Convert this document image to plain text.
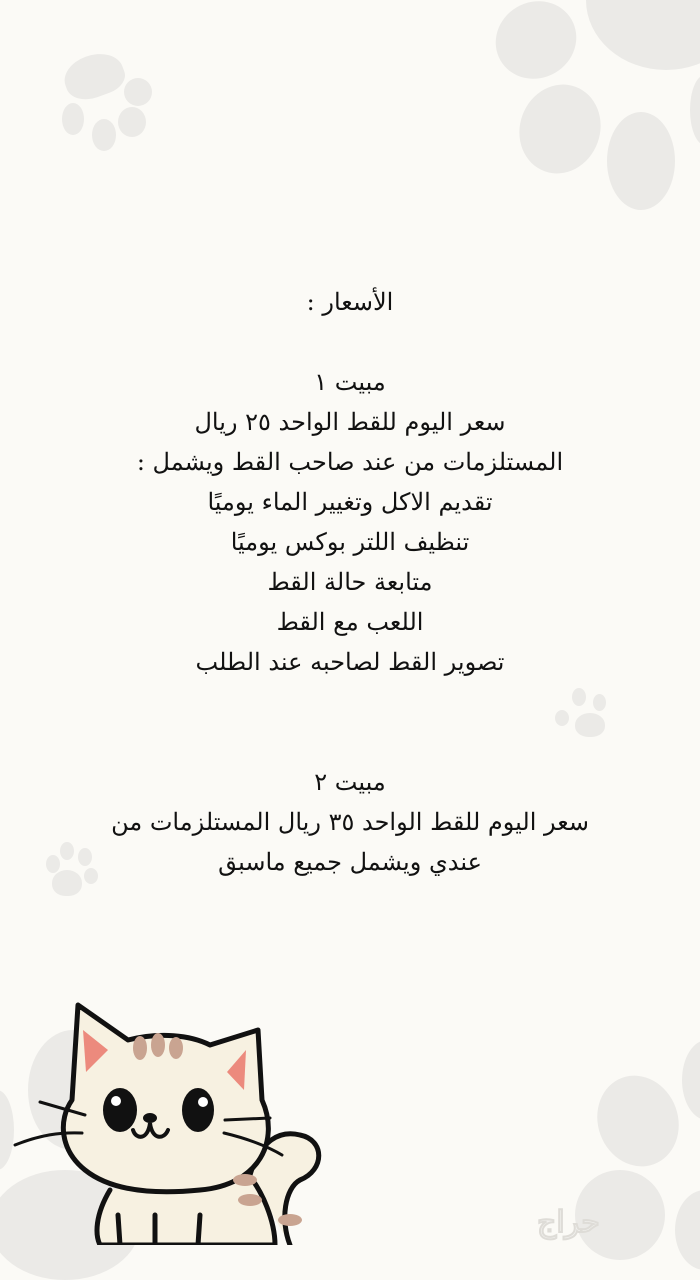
الأسعار :
مبيت ١
سعر اليوم للقط الواحد ٢٥ ريال
المستلزمات من عند صاحب القط ويشمل :
تقديم الاكل وتغيير الماء يوميًا
تنظيف اللتر بوكس يوميًا
متابعة حالة القط
اللعب مع القط
تصوير القط لصاحبه عند الطلب
مبيت ٢
سعر اليوم للقط الواحد ٣٥ ريال المستلزمات من
عندي ويشمل جميع ماسبق
حراج
